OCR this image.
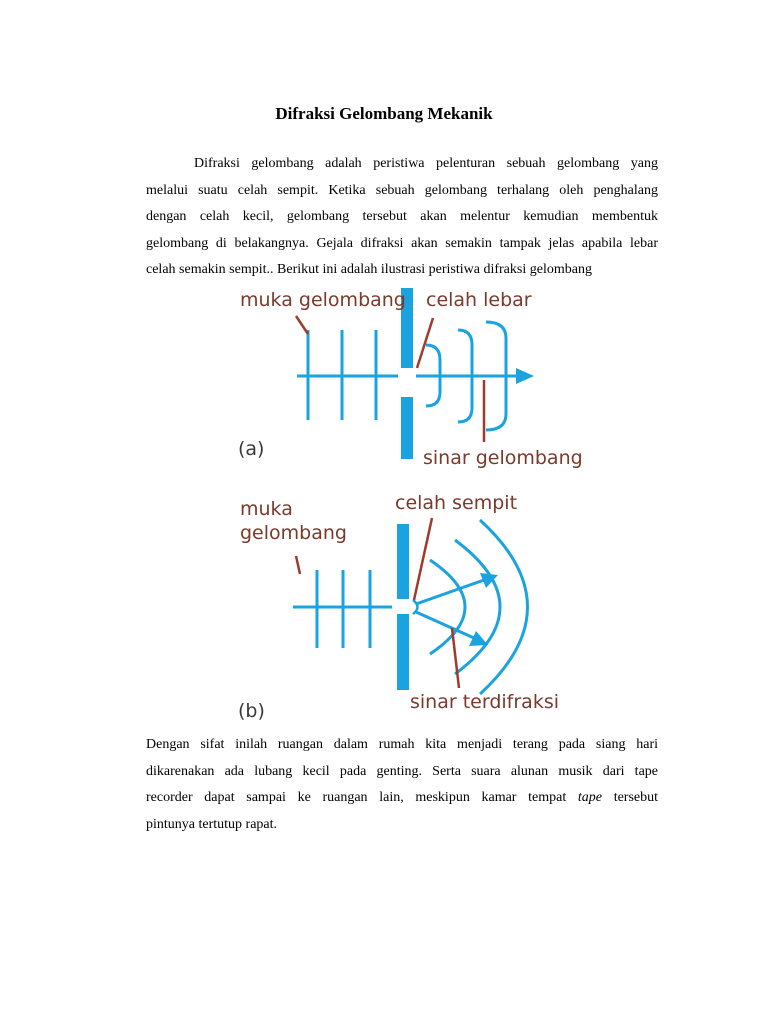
Difraksi Gelombang Mekanik
Difraksi gelombang adalah peristiwa pelenturan sebuah gelombang yang
melalui suatu celah sempit. Ketika sebuah gelombang terhalang oleh penghalang
dengan celah kecil, gelombang tersebut akan melentur kemudian membentuk
gelombang di belakangnya. Gejala difraksi akan semakin tampak jelas apabila lebar
celah semakin sempit.. Berikut ini adalah ilustrasi peristiwa difraksi gelombang
muka gelombang celah lebar
sinar gelombang
(a)
muka
gelombang
celah sempit
sinar terdifraksi
(b)
Dengan sifat inilah ruangan dalam rumah kita menjadi terang pada siang hari
dikarenakan ada lubang kecil pada genting. Serta suara alunan musik dari tape
recorder dapat sampai ke ruangan lain, meskipun kamar tempat tape tersebut
pintunya tertutup rapat.
